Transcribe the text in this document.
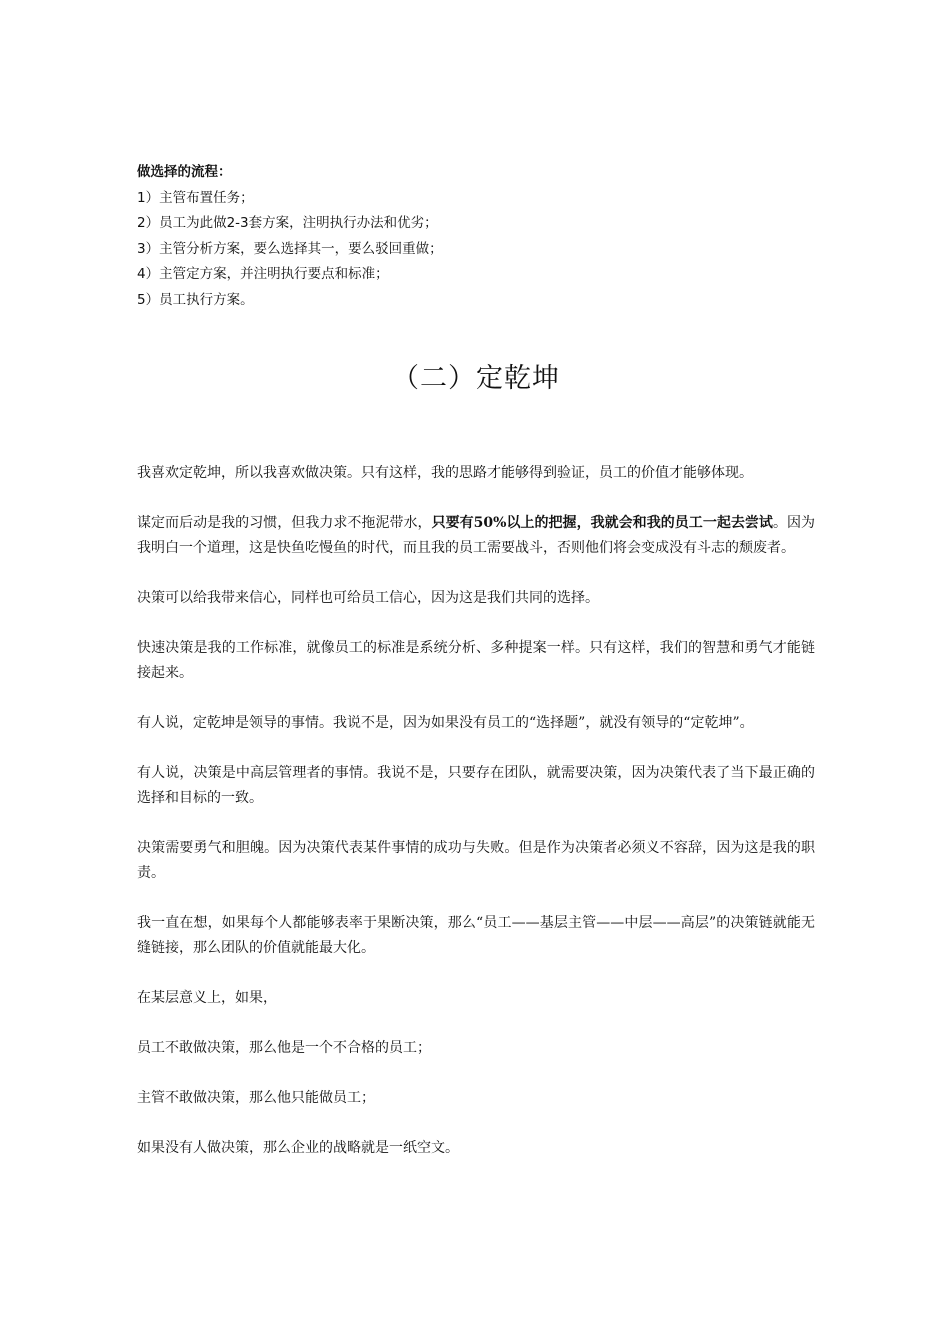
做选择的流程：
1）主管布置任务；
2）员工为此做2-3套方案，注明执行办法和优劣；
3）主管分析方案，要么选择其一，要么驳回重做；
4）主管定方案，并注明执行要点和标准；
5）员工执行方案。
（二）定乾坤

我喜欢定乾坤，所以我喜欢做决策。只有这样，我的思路才能够得到验证，员工的价值才能够体现。

谋定而后动是我的习惯，但我力求不拖泥带水，只要有50%以上的把握，我就会和我的员工一起去尝试。因为我明白一个道理，这是快鱼吃慢鱼的时代，而且我的员工需要战斗，否则他们将会变成没有斗志的颓废者。

决策可以给我带来信心，同样也可给员工信心，因为这是我们共同的选择。

快速决策是我的工作标准，就像员工的标准是系统分析、多种提案一样。只有这样，我们的智慧和勇气才能链接起来。

有人说，定乾坤是领导的事情。我说不是，因为如果没有员工的“选择题”，就没有领导的“定乾坤”。

有人说，决策是中高层管理者的事情。我说不是，只要存在团队，就需要决策，因为决策代表了当下最正确的选择和目标的一致。

决策需要勇气和胆魄。因为决策代表某件事情的成功与失败。但是作为决策者必须义不容辞，因为这是我的职责。

我一直在想，如果每个人都能够表率于果断决策，那么“员工——基层主管——中层——高层”的决策链就能无缝链接，那么团队的价值就能最大化。

在某层意义上，如果，

员工不敢做决策，那么他是一个不合格的员工；

主管不敢做决策，那么他只能做员工；

如果没有人做决策，那么企业的战略就是一纸空文。
